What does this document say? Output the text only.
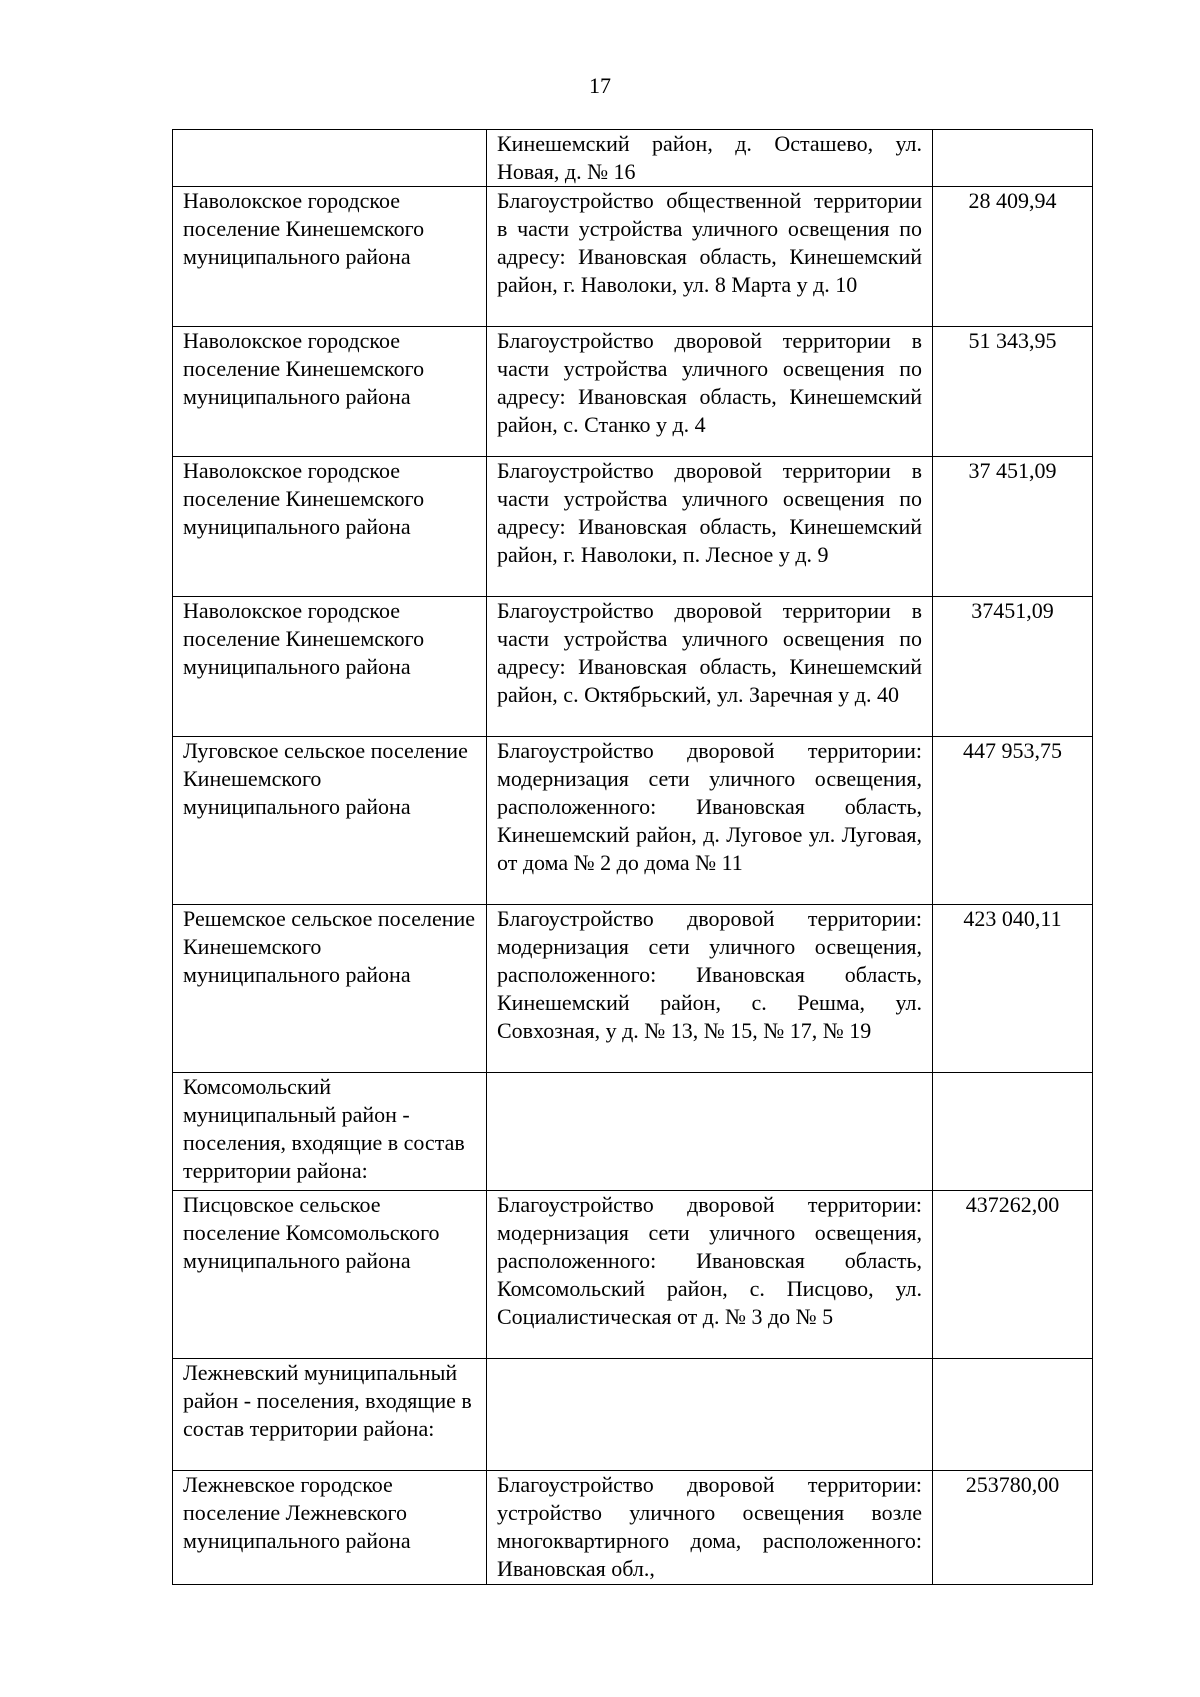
17
	Кинешемский район, д. Осташево, ул. Новая, д. № 16	
Наволокское городское поселение Кинешемского муниципального района	Благоустройство общественной территории в части устройства уличного освещения по адресу: Ивановская область, Кинешемский район, г. Наволоки, ул. 8 Марта у д. 10	28 409,94
Наволокское городское поселение Кинешемского муниципального района	Благоустройство дворовой территории в части устройства уличного освещения по адресу: Ивановская область, Кинешемский район, с. Станко у д. 4	51 343,95
Наволокское городское поселение Кинешемского муниципального района	Благоустройство дворовой территории в части устройства уличного освещения по адресу: Ивановская область, Кинешемский район, г. Наволоки, п. Лесное у д. 9	37 451,09
Наволокское городское поселение Кинешемского муниципального района	Благоустройство дворовой территории в части устройства уличного освещения по адресу: Ивановская область, Кинешемский район, с. Октябрьский, ул. Заречная у д. 40	37451,09
Луговское сельское поселение Кинешемского муниципального района	Благоустройство дворовой территории: модернизация сети уличного освещения, расположенного: Ивановская область, Кинешемский район, д. Луговое ул. Луговая, от дома № 2 до дома № 11	447 953,75
Решемское сельское поселение Кинешемского муниципального района	Благоустройство дворовой территории: модернизация сети уличного освещения, расположенного: Ивановская область, Кинешемский район, с. Решма, ул. Совхозная, у д. № 13, № 15, № 17, № 19	423 040,11
Комсомольский муниципальный район - поселения, входящие в состав территории района:		
Писцовское сельское поселение Комсомольского муниципального района	Благоустройство дворовой территории: модернизация сети уличного освещения, расположенного: Ивановская область, Комсомольский район, с. Писцово, ул. Социалистическая от д. № 3 до № 5	437262,00
Лежневский муниципальный район - поселения, входящие в состав территории района:		
Лежневское городское поселение Лежневского муниципального района	Благоустройство дворовой территории: устройство уличного освещения возле многоквартирного дома, расположенного: Ивановская обл.,	253780,00
